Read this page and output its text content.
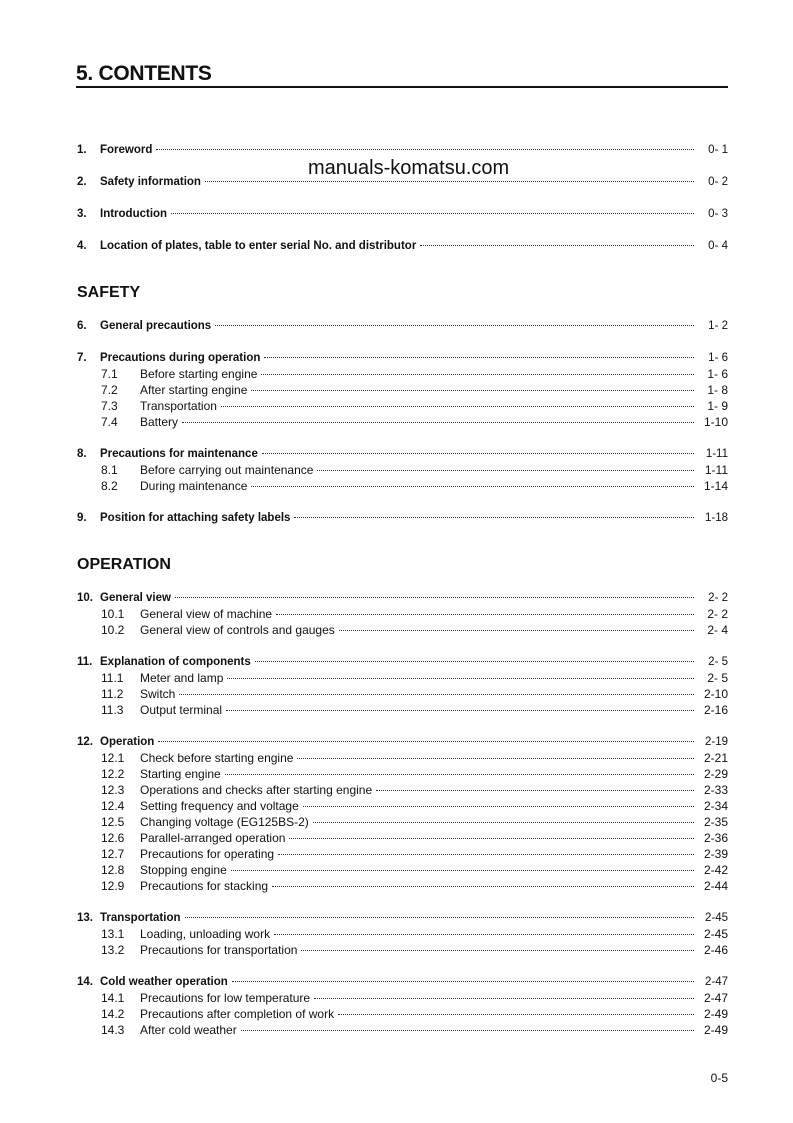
5. CONTENTS
manuals-komatsu.com
1.	Foreword	0- 1
2.	Safety information	0- 2
3.	Introduction	0- 3
4.	Location of plates, table to enter serial No. and distributor	0- 4
SAFETY
6.	General precautions	1- 2
7.	Precautions during operation	1- 6
7.1	Before starting engine	1- 6
7.2	After starting engine	1- 8
7.3	Transportation	1- 9
7.4	Battery	1-10
8.	Precautions for maintenance	1-11
8.1	Before carrying out maintenance	1-11
8.2	During maintenance	1-14
9.	Position for attaching safety labels	1-18
OPERATION
10. General view	2- 2
10.1	General view of machine	2- 2
10.2	General view of controls and gauges	2- 4
11. Explanation of components	2- 5
11.1	Meter and lamp	2- 5
11.2	Switch	2-10
11.3	Output terminal	2-16
12. Operation	2-19
12.1	Check before starting engine	2-21
12.2	Starting engine	2-29
12.3	Operations and checks after starting engine	2-33
12.4	Setting frequency and voltage	2-34
12.5	Changing voltage (EG125BS-2)	2-35
12.6	Parallel-arranged operation	2-36
12.7	Precautions for operating	2-39
12.8	Stopping engine	2-42
12.9	Precautions for stacking	2-44
13. Transportation	2-45
13.1	Loading, unloading work	2-45
13.2	Precautions for transportation	2-46
14. Cold weather operation	2-47
14.1	Precautions for low temperature	2-47
14.2	Precautions after completion of work	2-49
14.3	After cold weather	2-49
0-5
